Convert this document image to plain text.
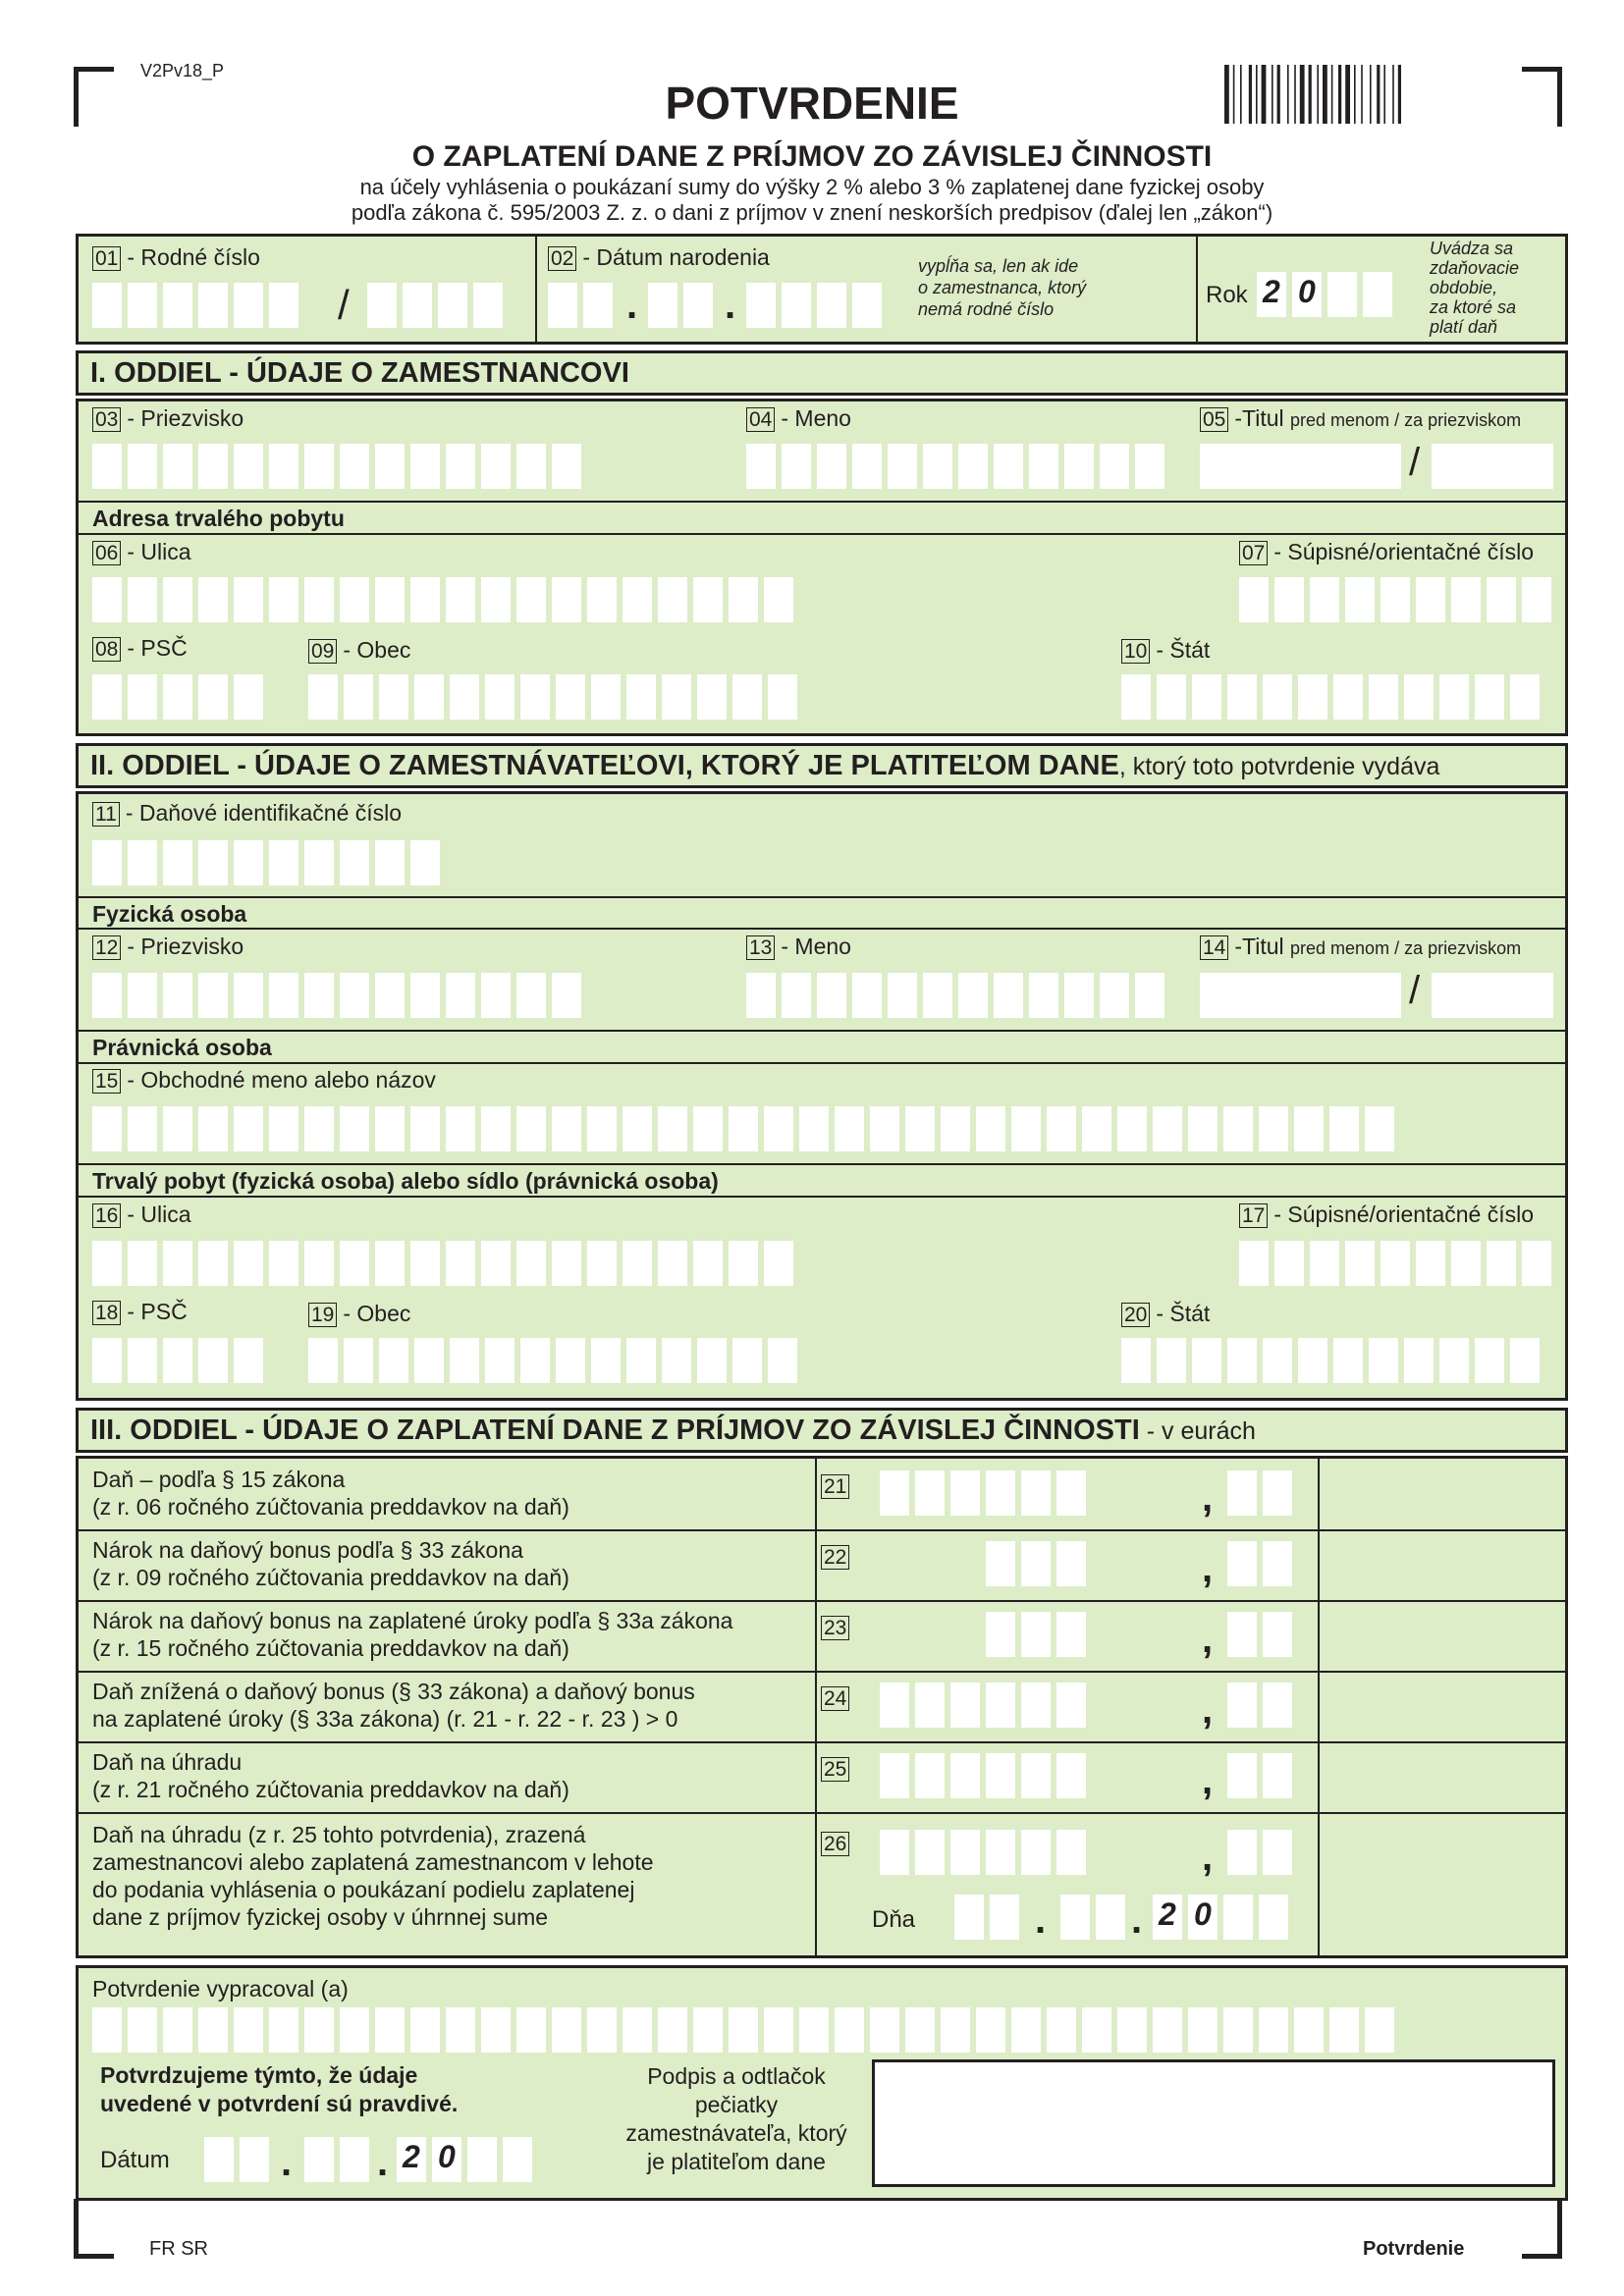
V2Pv18_P
POTVRDENIE
O ZAPLATENÍ DANE Z PRÍJMOV ZO ZÁVISLEJ ČINNOSTI
na účely vyhlásenia o poukázaní sumy do výšky 2 % alebo 3 % zaplatenej dane fyzickej osoby
podľa zákona č. 595/2003 Z. z. o dani z príjmov v znení neskorších predpisov (ďalej len „zákon“)
01 - Rodné číslo
/
02 - Dátum narodenia
. .
vypĺňa sa, len ak ide
o zamestnanca, ktorý
nemá rodné číslo
Rok 2 0
Uvádza sa
zdaňovacie
obdobie,
za ktoré sa
platí daň
I. ODDIEL - ÚDAJE O ZAMESTNANCOVI
03 - Priezvisko	04 - Meno	05 -Titul pred menom / za priezviskom
/
Adresa trvalého pobytu
06 - Ulica	07 - Súpisné/orientačné číslo
08 - PSČ	09 - Obec	10 - Štát
II. ODDIEL - ÚDAJE O ZAMESTNÁVATEĽOVI, KTORÝ JE PLATITEĽOM DANE, ktorý toto potvrdenie vydáva
11 - Daňové identifikačné číslo
Fyzická osoba
12 - Priezvisko	13 - Meno	14 -Titul pred menom / za priezviskom
/
Právnická osoba
15 - Obchodné meno alebo názov
Trvalý pobyt (fyzická osoba) alebo sídlo (právnická osoba)
16 - Ulica	17 - Súpisné/orientačné číslo
18 - PSČ	19 - Obec	20 - Štát
III. ODDIEL - ÚDAJE O ZAPLATENÍ DANE Z PRÍJMOV ZO ZÁVISLEJ ČINNOSTI - v eurách
Daň – podľa § 15 zákona
(z r. 06 ročného zúčtovania preddavkov na daň)
21	,
Nárok na daňový bonus podľa § 33 zákona
(z r. 09 ročného zúčtovania preddavkov na daň)
22	,
Nárok na daňový bonus na zaplatené úroky podľa § 33a zákona
(z r. 15 ročného zúčtovania preddavkov na daň)
23	,
Daň znížená o daňový bonus (§ 33 zákona) a daňový bonus
na zaplatené úroky (§ 33a zákona) (r. 21 - r. 22 - r. 23 ) > 0
24	,
Daň na úhradu
(z r. 21 ročného zúčtovania preddavkov na daň)
25	,
Daň na úhradu (z r. 25 tohto potvrdenia), zrazená
zamestnancovi alebo zaplatená zamestnancom v lehote
do podania vyhlásenia o poukázaní podielu zaplatenej
dane z príjmov fyzickej osoby v úhrnnej sume
26	,
Dňa	. . 2 0
Potvrdenie vypracoval (a)
Potvrdzujeme týmto, že údaje
uvedené v potvrdení sú pravdivé.
Dátum	. . 2 0
Podpis a odtlačok
pečiatky
zamestnávateľa, ktorý
je platiteľom dane
FR SR	Potvrdenie
